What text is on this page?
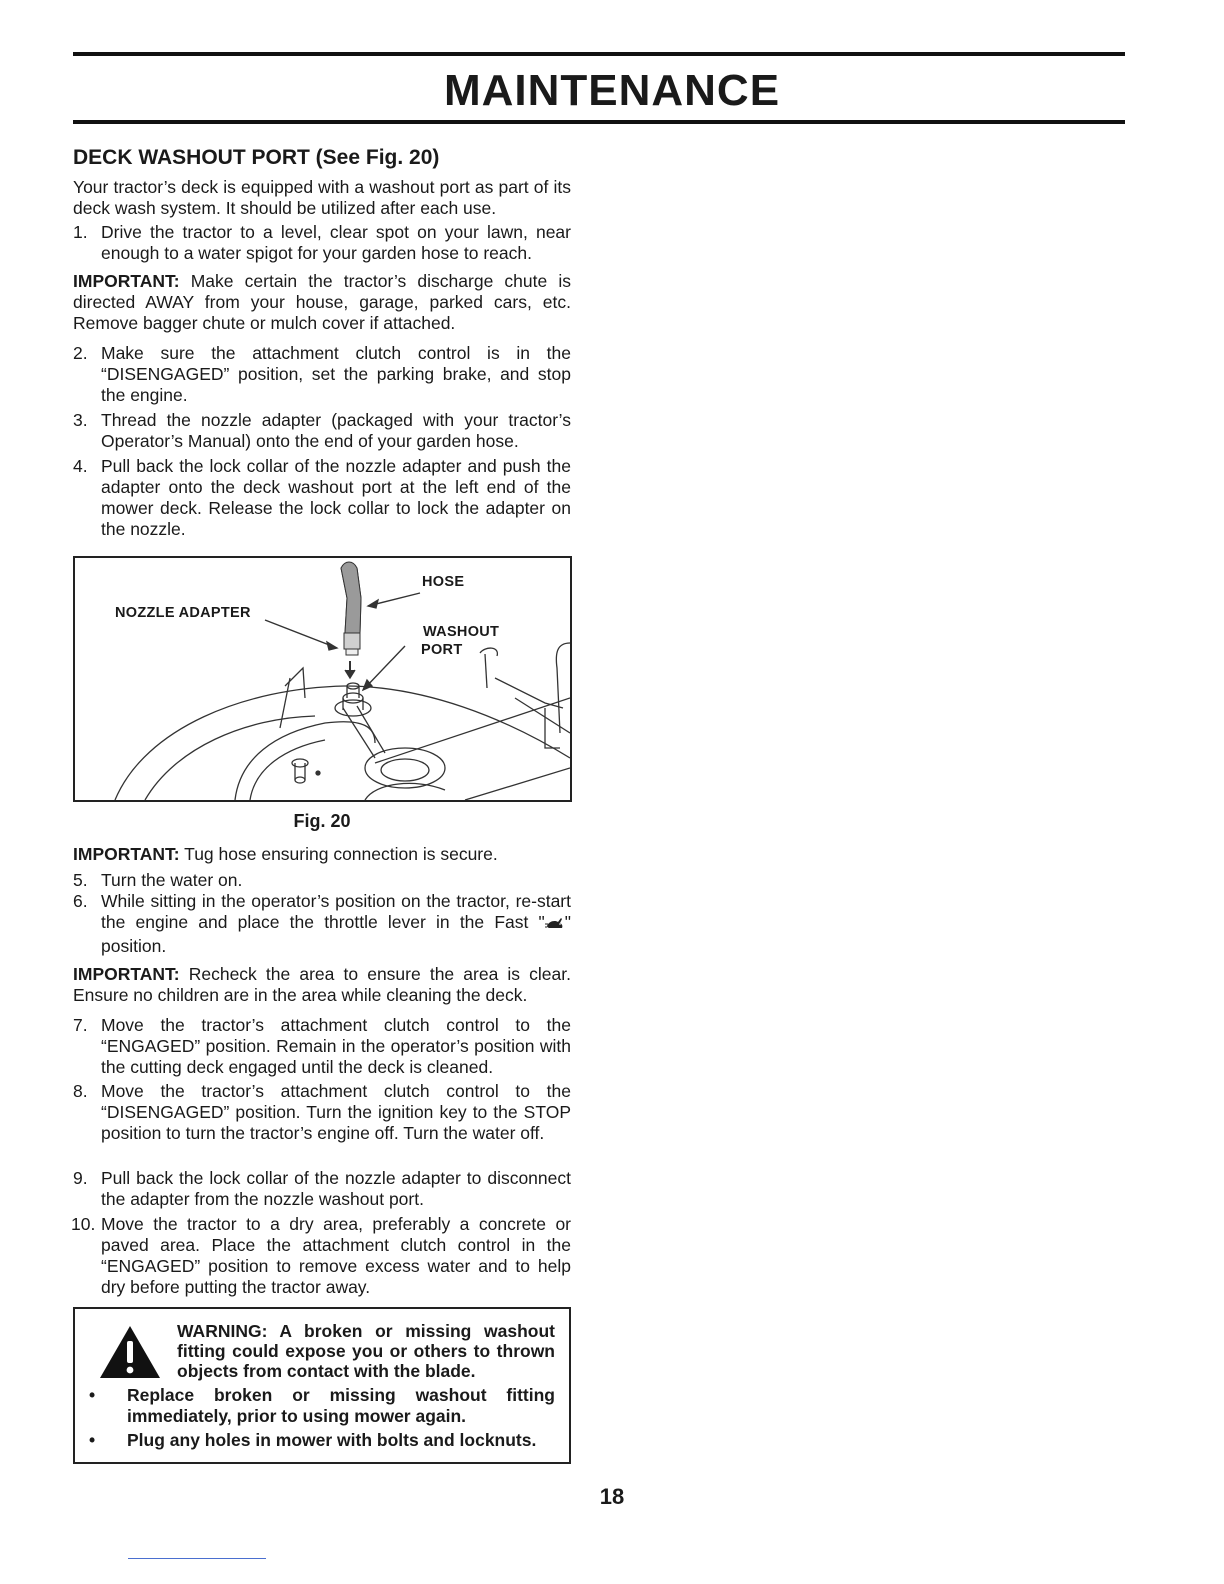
MAINTENANCE
DECK WASHOUT PORT (See Fig. 20)

Your tractor’s deck is equipped with a washout port as part of its deck wash system. It should be utilized after each use.

1. Drive the tractor to a level, clear spot on your lawn, near enough to a water spigot for your garden hose to reach.

IMPORTANT: Make certain the tractor’s discharge chute is directed AWAY from your house, garage, parked cars, etc. Remove bagger chute or mulch cover if attached.

2. Make sure the attachment clutch control is in the “DISENGAGED” position, set the parking brake, and stop the engine.
3. Thread the nozzle adapter (packaged with your tractor’s Operator’s Manual) onto the end of your garden hose.
4. Pull back the lock collar of the nozzle adapter and push the adapter onto the deck washout port at the left end of the mower deck. Release the lock collar to lock the adapter on the nozzle.
HOSE
NOZZLE ADAPTER
WASHOUT
PORT
Fig. 20

IMPORTANT: Tug hose ensuring connection is secure.

5. Turn the water on.
6. While sitting in the operator’s position on the tractor, re-start the engine and place the throttle lever in the Fast " " position.

IMPORTANT: Recheck the area to ensure the area is clear. Ensure no children are in the area while cleaning the deck.

7. Move the tractor’s attachment clutch control to the “ENGAGED” position. Remain in the operator’s position with the cutting deck engaged until the deck is cleaned.
8. Move the tractor’s attachment clutch control to the “DISENGAGED” position. Turn the ignition key to the STOP position to turn the tractor’s engine off. Turn the water off.
9. Pull back the lock collar of the nozzle adapter to disconnect the adapter from the nozzle washout port.
10. Move the tractor to a dry area, preferably a concrete or paved area. Place the attachment clutch control in the “ENGAGED” position to remove excess water and to help dry before putting the tractor away.
WARNING: A broken or missing washout fitting could expose you or others to thrown objects from contact with the blade.
• Replace broken or missing washout fitting immediately, prior to using mower again.
• Plug any holes in mower with bolts and locknuts.
18
